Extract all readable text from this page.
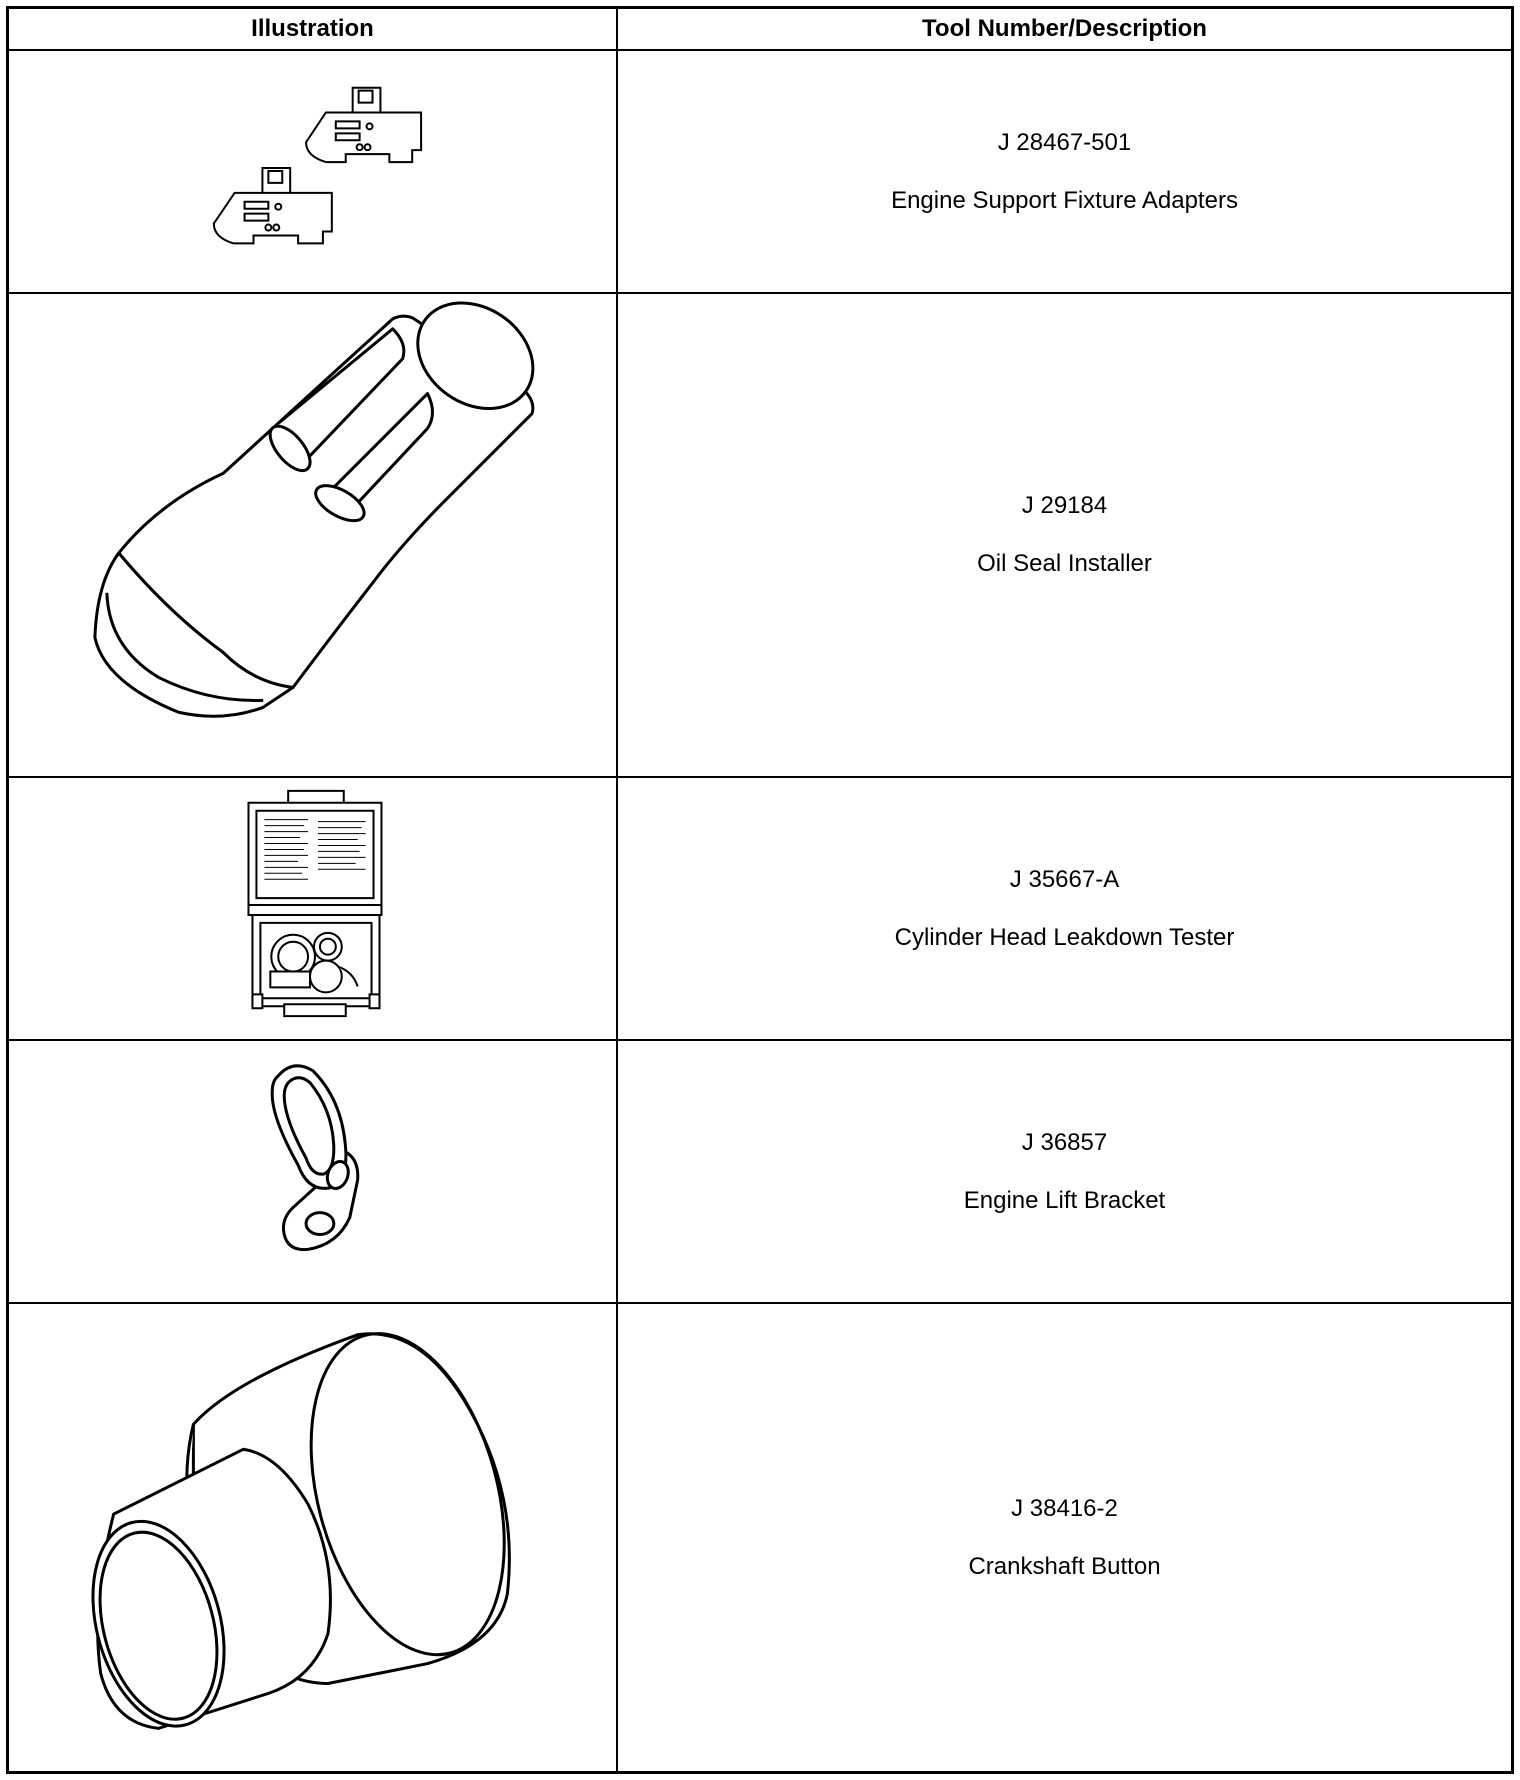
Illustration	Tool Number/Description
J 28467-501
Engine Support Fixture Adapters
J 29184
Oil Seal Installer
J 35667-A
Cylinder Head Leakdown Tester
J 36857
Engine Lift Bracket
J 38416-2
Crankshaft Button
